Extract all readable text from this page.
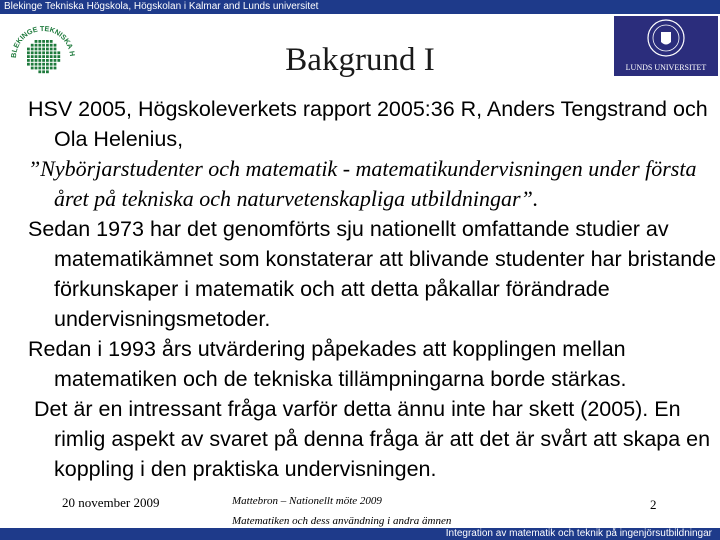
Blekinge Tekniska Högskola, Högskolan i Kalmar and Lunds universitet
BLEKINGE TEKNISKA H
LUNDS UNIVERSITET
Bakgrund I

HSV 2005, Högskoleverkets rapport 2005:36 R, Anders Tengstrand och Ola Helenius,

”Nybörjarstudenter och matematik - matematikundervisningen under första året på tekniska och naturvetenskapliga utbildningar”.

Sedan 1973 har det genomförts sju nationellt omfattande studier av matematikämnet som konstaterar att blivande studenter har bristande förkunskaper i matematik och att detta påkallar förändrade undervisningsmetoder.

Redan i 1993 års utvärdering påpekades att kopplingen mellan matematiken och de tekniska tillämpningarna borde stärkas.

Det är en intressant fråga varför detta ännu inte har skett (2005). En rimlig aspekt av svaret på denna fråga är att det är svårt att skapa en koppling i den praktiska undervisningen.

20 november 2009	Mattebron – Nationellt möte 2009
Matematiken och dess användning i andra ämnen
2
Integration av matematik och teknik på ingenjörsutbildningar
